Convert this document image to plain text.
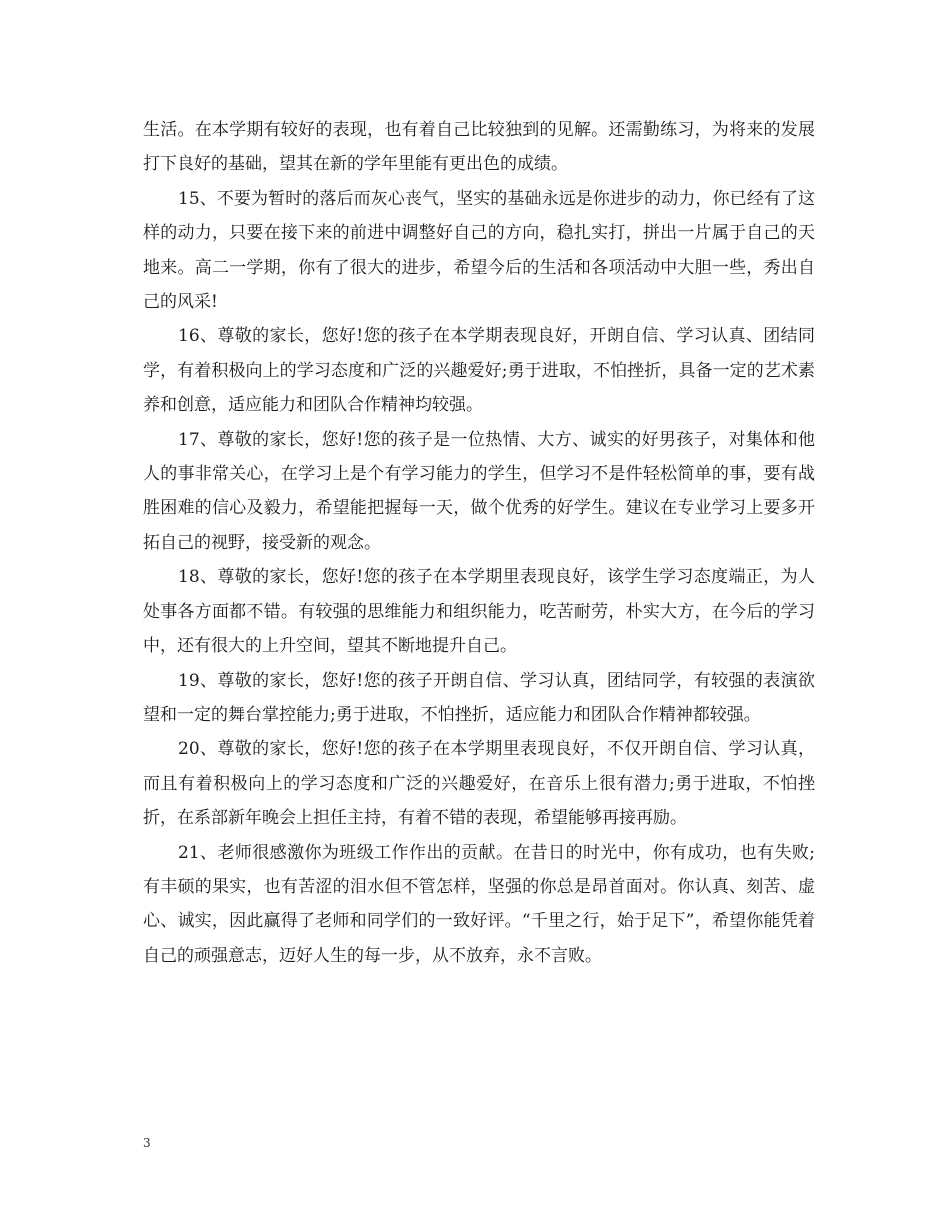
生活。在本学期有较好的表现，也有着自己比较独到的见解。还需勤练习，为将来的发展打下良好的基础，望其在新的学年里能有更出色的成绩。

15、不要为暂时的落后而灰心丧气，坚实的基础永远是你进步的动力，你已经有了这样的动力，只要在接下来的前进中调整好自己的方向，稳扎实打，拼出一片属于自己的天地来。高二一学期，你有了很大的进步，希望今后的生活和各项活动中大胆一些，秀出自己的风采!

16、尊敬的家长，您好!您的孩子在本学期表现良好，开朗自信、学习认真、团结同学，有着积极向上的学习态度和广泛的兴趣爱好;勇于进取，不怕挫折，具备一定的艺术素养和创意，适应能力和团队合作精神均较强。

17、尊敬的家长，您好!您的孩子是一位热情、大方、诚实的好男孩子，对集体和他人的事非常关心，在学习上是个有学习能力的学生，但学习不是件轻松简单的事，要有战胜困难的信心及毅力，希望能把握每一天，做个优秀的好学生。建议在专业学习上要多开拓自己的视野，接受新的观念。

18、尊敬的家长，您好!您的孩子在本学期里表现良好，该学生学习态度端正，为人处事各方面都不错。有较强的思维能力和组织能力，吃苦耐劳，朴实大方，在今后的学习中，还有很大的上升空间，望其不断地提升自己。

19、尊敬的家长，您好!您的孩子开朗自信、学习认真，团结同学，有较强的表演欲望和一定的舞台掌控能力;勇于进取，不怕挫折，适应能力和团队合作精神都较强。

20、尊敬的家长，您好!您的孩子在本学期里表现良好，不仅开朗自信、学习认真，而且有着积极向上的学习态度和广泛的兴趣爱好，在音乐上很有潜力;勇于进取，不怕挫折，在系部新年晚会上担任主持，有着不错的表现，希望能够再接再励。

21、老师很感激你为班级工作作出的贡献。在昔日的时光中，你有成功，也有失败;有丰硕的果实，也有苦涩的泪水但不管怎样，坚强的你总是昂首面对。你认真、刻苦、虚心、诚实，因此赢得了老师和同学们的一致好评。“千里之行，始于足下”，希望你能凭着自己的顽强意志，迈好人生的每一步，从不放弃，永不言败。

3
